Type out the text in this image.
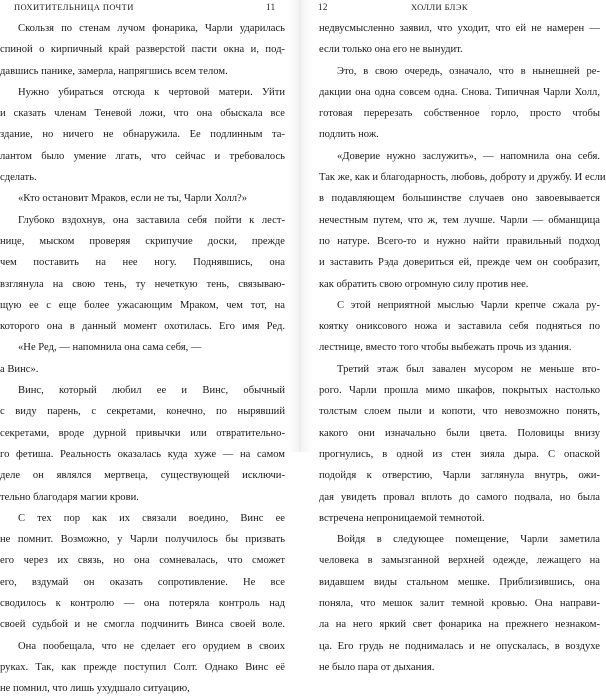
ПОХИТИТЕЛЬНИЦА ПОЧТИ	11
Скользя по стенам лучом фонарика, Чарли ударилась
спиной о кирпичный край разверстой пасти окна и, под-
давшись панике, замерла, напрягшись всем телом.
Нужно убираться отсюда к чертовой матери. Уйти
и сказать членам Теневой ложи, что она обыскала все
здание, но ничего не обнаружила. Ее подлинным та-
лантом было умение лгать, что сейчас и требовалось
сделать.
«Кто остановит Мраков, если не ты, Чарли Холл?»
Глубоко вздохнув, она заставила себя пойти к лест-
нице, мыском проверяя скрипучие доски, прежде
чем поставить на нее ногу. Поднявшись, она
взглянула на свою тень, ту нечеткую тень, связываю-
щую ее с еще более ужасающим Мраком, чем тот, на
которого она в данный момент охотилась. Его имя Ред.
«Не Ред, — напомнила она сама себя, —
а Винс».
Винс, который любил ее и Винс, обычный
с виду парень, с секретами, конечно, по нырявший
секретами, вроде дурной привычки или отвратительно-
го фетиша. Реальность оказалась куда хуже — на самом
деле он являлся мертвеца, существующей исключи-
тельно благодаря магии крови.
С тех пор как их связали воедино, Винс ее
не помнит. Возможно, у Чарли получилось бы призвать
его через их связь, но она сомневалась, что сможет
его, вздумай он оказать сопротивление. Не все
сводилось к контролю — она потеряла контроль над
своей судьбой и не смогла подчинить Винса своей воле.
Она пообещала, что не сделает его орудием в своих
руках. Так, как прежде поступил Солт. Однако Винс её
не помнил, что лишь ухудшало ситуацию,
12	ХОЛЛИ БЛЭК
недвусмысленно заявил, что уходит, что ей не намерен —
если только она его не вынудит.
Это, в свою очередь, означало, что в нынешней ре-
дакции она одна совсем одна. Снова. Типичная Чарли Холл,
готовая перерезать собственное горло, просто чтобы
подлить нож.
«Доверие нужно заслужить», — напомнила она себя.
Так же, как и благодарность, любовь, доброту и дружбу. И если
в подавляющем большинстве случаев оно завоевывается
нечестным путем, что ж, тем лучше. Чарли — обманщица
по натуре. Всего-то и нужно найти правильный подход
и заставить Рэда довериться ей, прежде чем он сообразит,
как обратить свою огромную силу против нее.
С этой неприятной мыслью Чарли крепче сжала ру-
коятку ониксового ножа и заставила себя подняться по
лестнице, вместо того чтобы выбежать прочь из здания.
Третий этаж был завален мусором не меньше вто-
рого. Чарли прошла мимо шкафов, покрытых настолько
толстым слоем пыли и копоти, что невозможно понять,
какого они изначально были цвета. Половицы внизу
прогнулись, в одной из стен зияла дыра. С опаской
подойдя к отверстию, Чарли заглянула внутрь, ожи-
дая увидеть провал вплоть до самого подвала, но была
встречена непроницаемой темнотой.
Войдя в следующее помещение, Чарли заметила
человека в замызганной верхней одежде, лежащего на
видавшем виды стальном мешке. Приблизившись, она
поняла, что мешок залит темной кровью. Она направи-
ла на него яркий свет фонарика на прежнего незнаком-
ца. Его грудь не поднималась и не опускалась, в воздухе
не было пара от дыхания.
